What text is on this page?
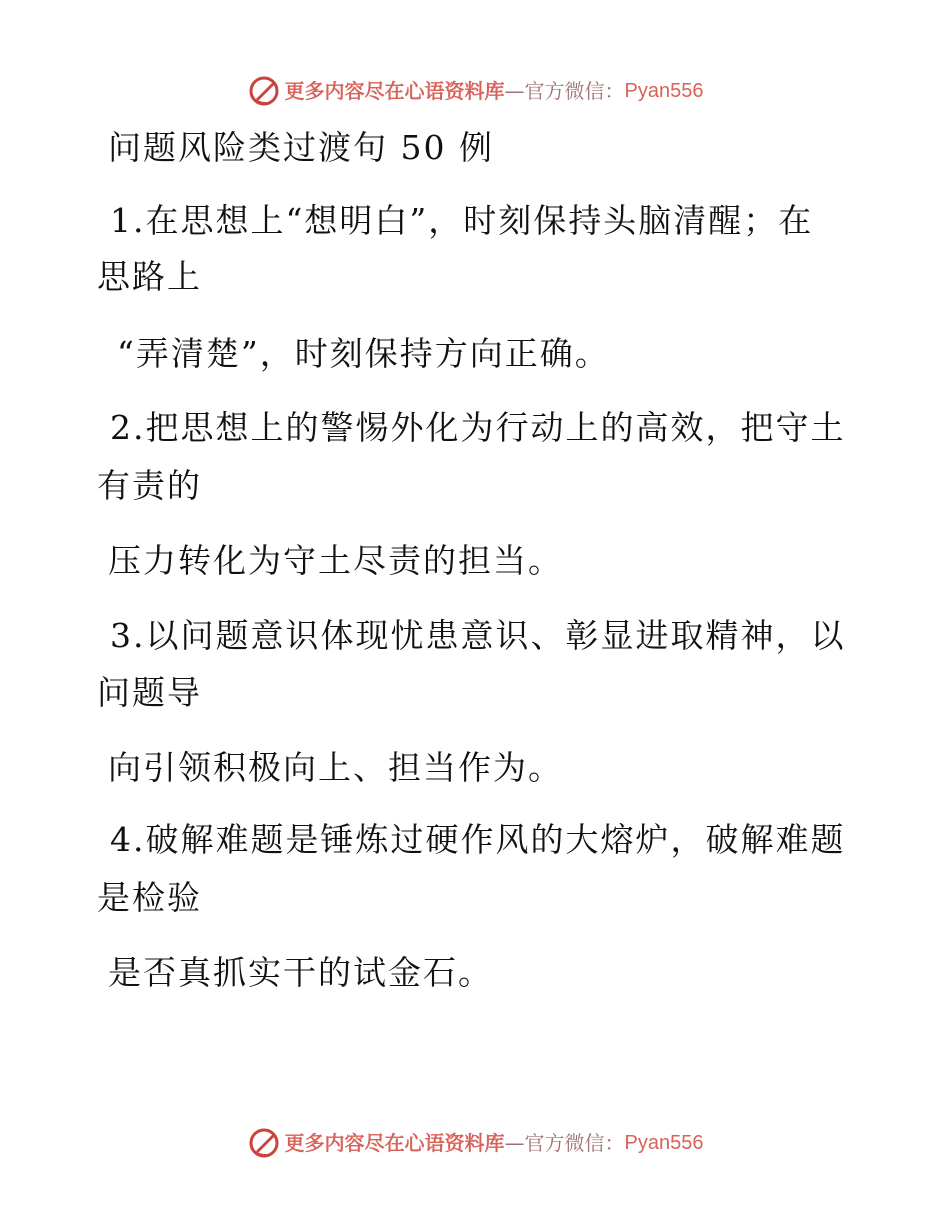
更多内容尽在心语资料库 — 官方微信： Pyan556
问题风险类过渡句 50 例
1.在思想上“想明白”，时刻保持头脑清醒；在
思路上
“弄清楚”，时刻保持方向正确。
2.把思想上的警惕外化为行动上的高效，把守土
有责的
压力转化为守土尽责的担当。
3.以问题意识体现忧患意识、彰显进取精神，以
问题导
向引领积极向上、担当作为。
4.破解难题是锤炼过硬作风的大熔炉，破解难题
是检验
是否真抓实干的试金石。
更多内容尽在心语资料库 — 官方微信： Pyan556
